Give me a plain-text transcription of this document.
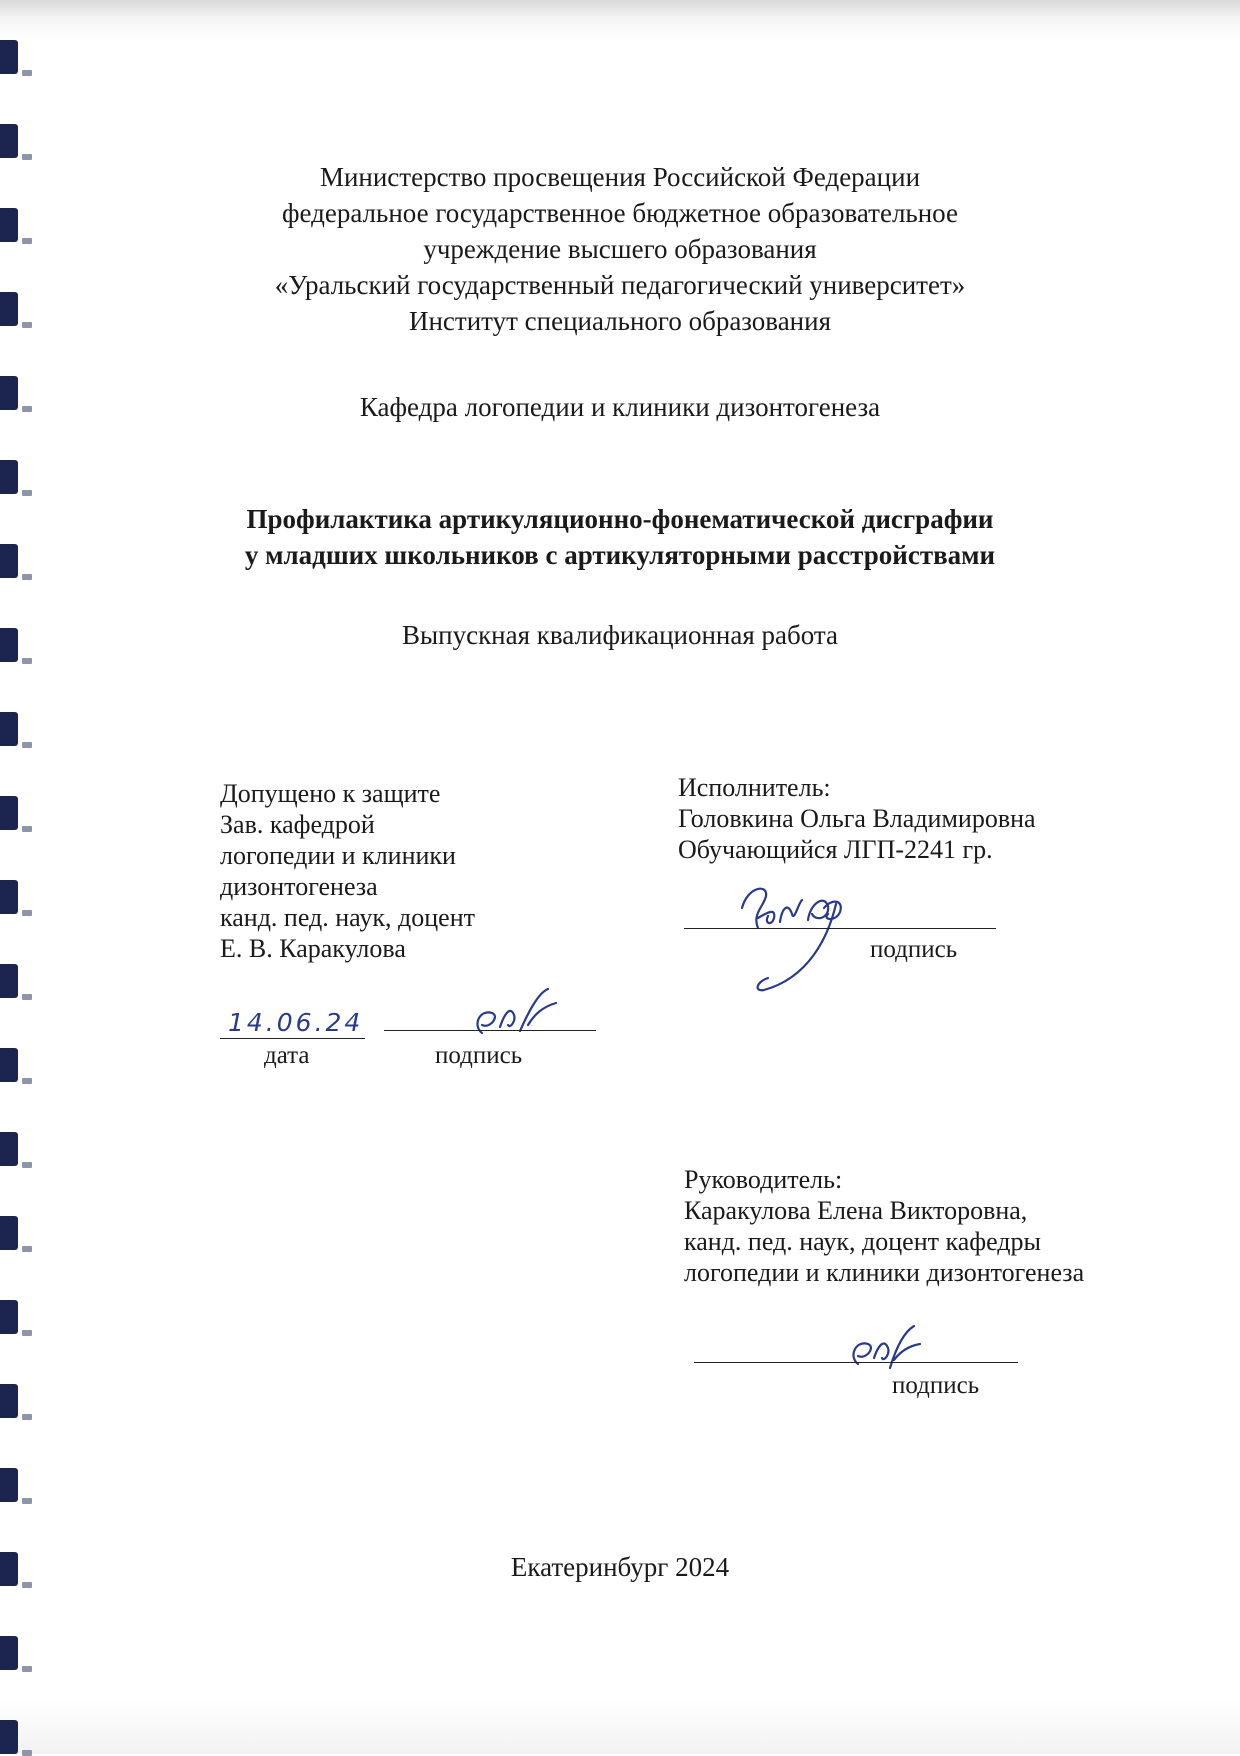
Министерство просвещения Российской Федерации
федеральное государственное бюджетное образовательное
учреждение высшего образования
«Уральский государственный педагогический университет»
Институт специального образования
Кафедра логопедии и клиники дизонтогенеза
Профилактика артикуляционно-фонематической дисграфии
у младших школьников с артикуляторными расстройствами
Выпускная квалификационная работа
Допущено к защите
Зав. кафедрой
логопедии и клиники
дизонтогенеза
канд. пед. наук, доцент
Е. В. Каракулова
14.06.24
дата	подпись
Исполнитель:
Головкина Ольга Владимировна
Обучающийся ЛГП-2241 гр.
подпись
Руководитель:
Каракулова Елена Викторовна,
канд. пед. наук, доцент кафедры
логопедии и клиники дизонтогенеза
подпись
Екатеринбург 2024
